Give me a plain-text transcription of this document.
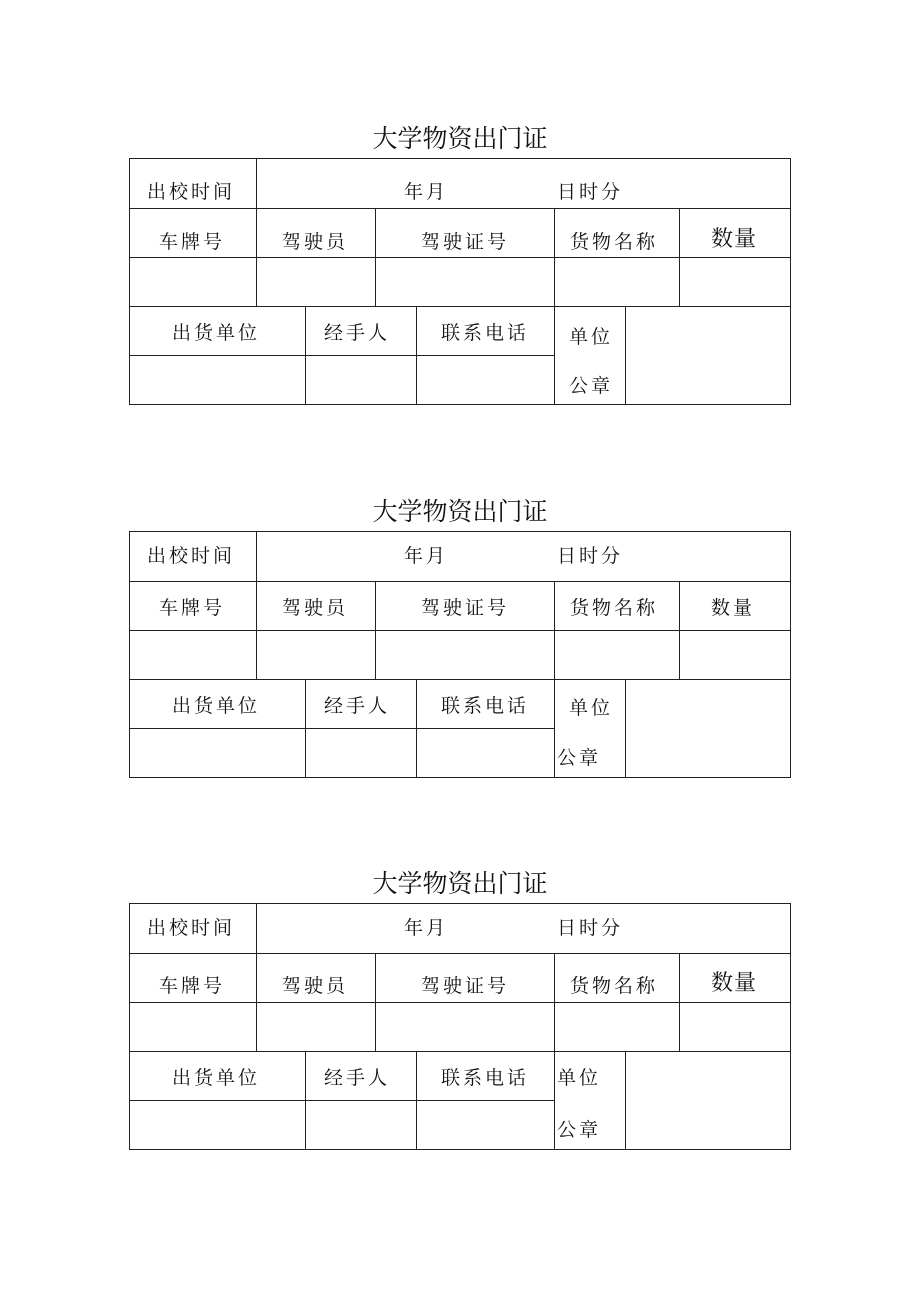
大学物资出门证
出校时间	年月	日时分
车牌号	驾驶员	驾驶证号	货物名称 数量
出货单位	经手人	联系电话 单位
公章
大学物资出门证
出校时间	年月	日时分
车牌号	驾驶员	驾驶证号	货物名称	数量
出货单位	经手人	联系电话 单位
公章
大学物资出门证
出校时间	年月	日时分
车牌号	驾驶员	驾驶证号	货物名称 数量
出货单位	经手人	联系电话 单位
公章
